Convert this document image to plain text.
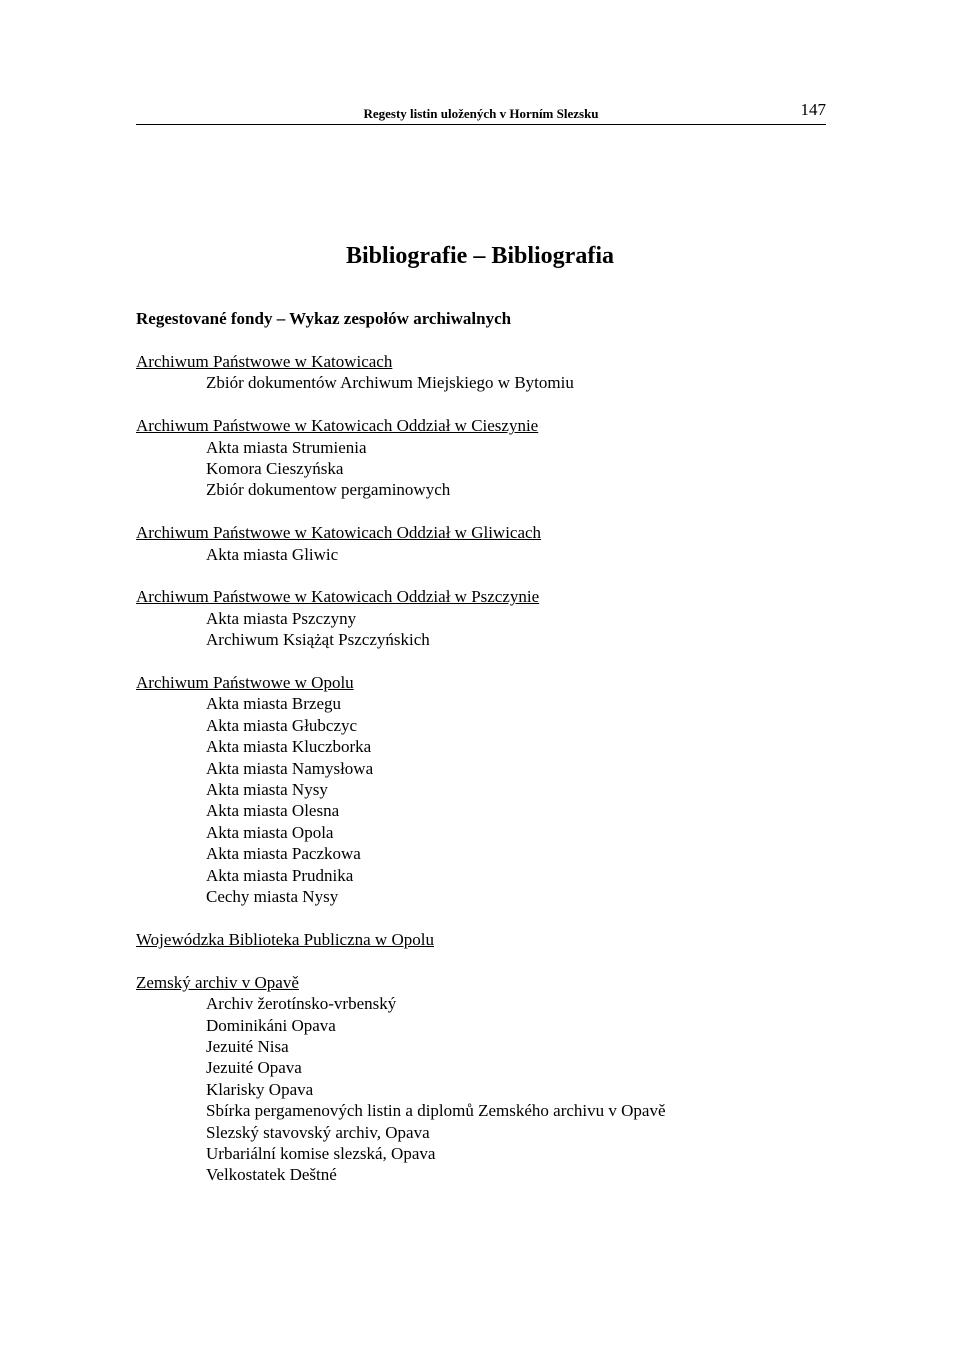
Regesty listin uložených v Horním Slezsku	147
Bibliografie – Bibliografia
Regestované fondy – Wykaz zespołów archiwalnych
Archiwum Państwowe w Katowicach
Zbiór dokumentów Archiwum Miejskiego w Bytomiu
Archiwum Państwowe w Katowicach Oddział w Cieszynie
Akta miasta Strumienia
Komora Cieszyńska
Zbiór dokumentow pergaminowych
Archiwum Państwowe w Katowicach Oddział w Gliwicach
Akta miasta Gliwic
Archiwum Państwowe w Katowicach Oddział w Pszczynie
Akta miasta Pszczyny
Archiwum Książąt Pszczyńskich
Archiwum Państwowe w Opolu
Akta miasta Brzegu
Akta miasta Głubczyc
Akta miasta Kluczborka
Akta miasta Namysłowa
Akta miasta Nysy
Akta miasta Olesna
Akta miasta Opola
Akta miasta Paczkowa
Akta miasta Prudnika
Cechy miasta Nysy
Wojewódzka Biblioteka Publiczna w Opolu
Zemský archiv v Opavě
Archiv žerotínsko-vrbenský
Dominikáni Opava
Jezuité Nisa
Jezuité Opava
Klarisky Opava
Sbírka pergamenových listin a diplomů Zemského archivu v Opavě
Slezský stavovský archiv, Opava
Urbariální komise slezská, Opava
Velkostatek Deštné
